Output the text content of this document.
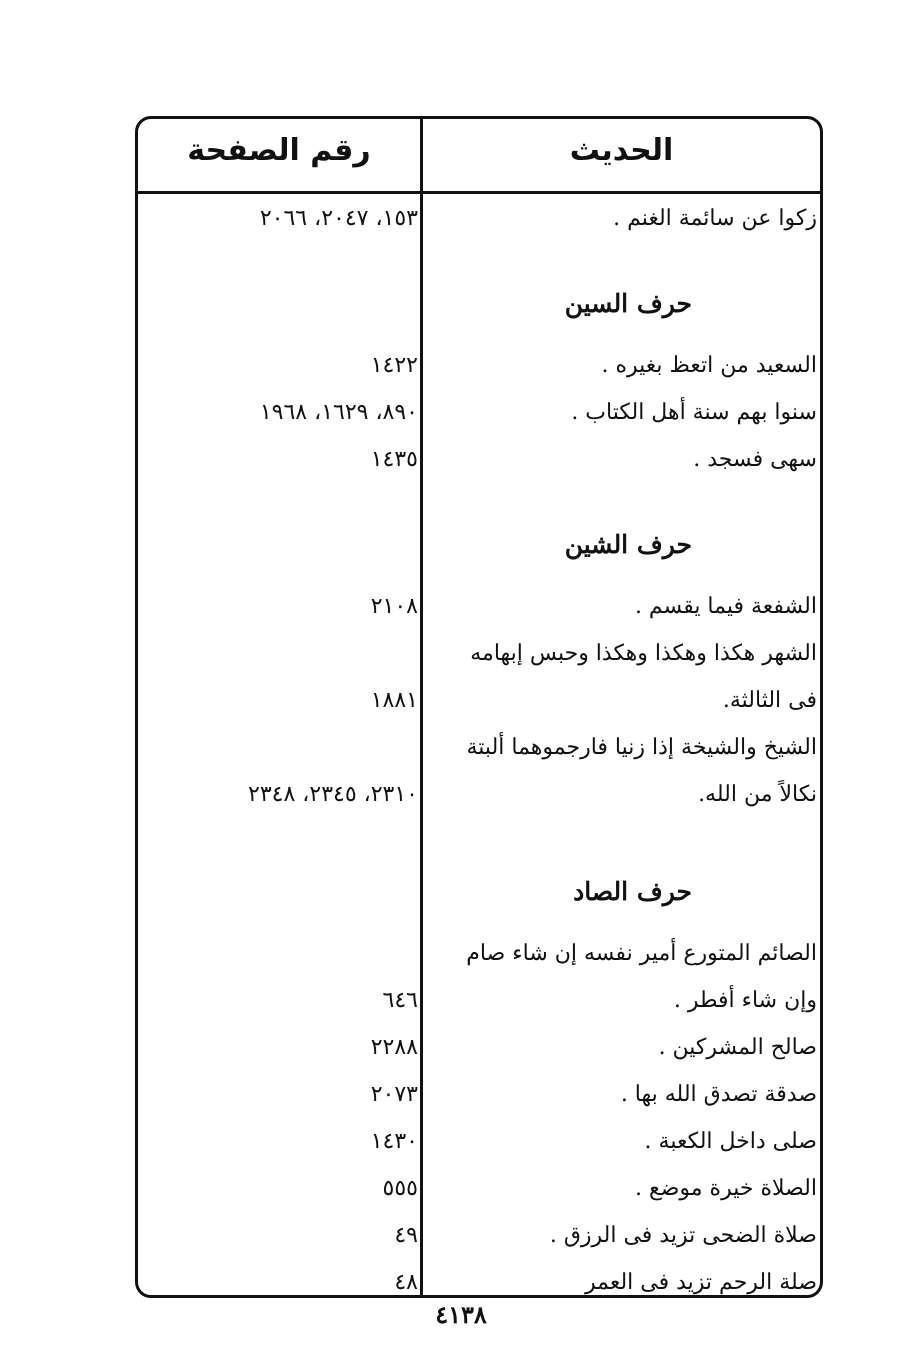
الحديث
رقم الصفحة
زكوا عن سائمة الغنم .
١٥٣، ٢٠٤٧، ٢٠٦٦
حرف السين
السعيد من اتعظ بغيره .
١٤٢٢
سنوا بهم سنة أهل الكتاب .
٨٩٠، ١٦٢٩، ١٩٦٨
سهى فسجد .
١٤٣٥
حرف الشين
الشفعة فيما يقسم .
٢١٠٨
الشهر هكذا وهكذا وهكذا وحبس إبهامه
فى الثالثة.
١٨٨١
الشيخ والشيخة إذا زنيا فارجموهما ألبتة
نكالاً من الله.
٢٣١٠، ٢٣٤٥، ٢٣٤٨
حرف الصاد
الصائم المتورع أمير نفسه إن شاء صام
وإن شاء أفطر .
٦٤٦
صالح المشركين .
٢٢٨٨
صدقة تصدق الله بها .
٢٠٧٣
صلى داخل الكعبة .
١٤٣٠
الصلاة خيرة موضع .
٥٥٥
صلاة الضحى تزيد فى الرزق .
٤٩
صلة الرحم تزيد فى العمر
٤٨
٤١٣٨
